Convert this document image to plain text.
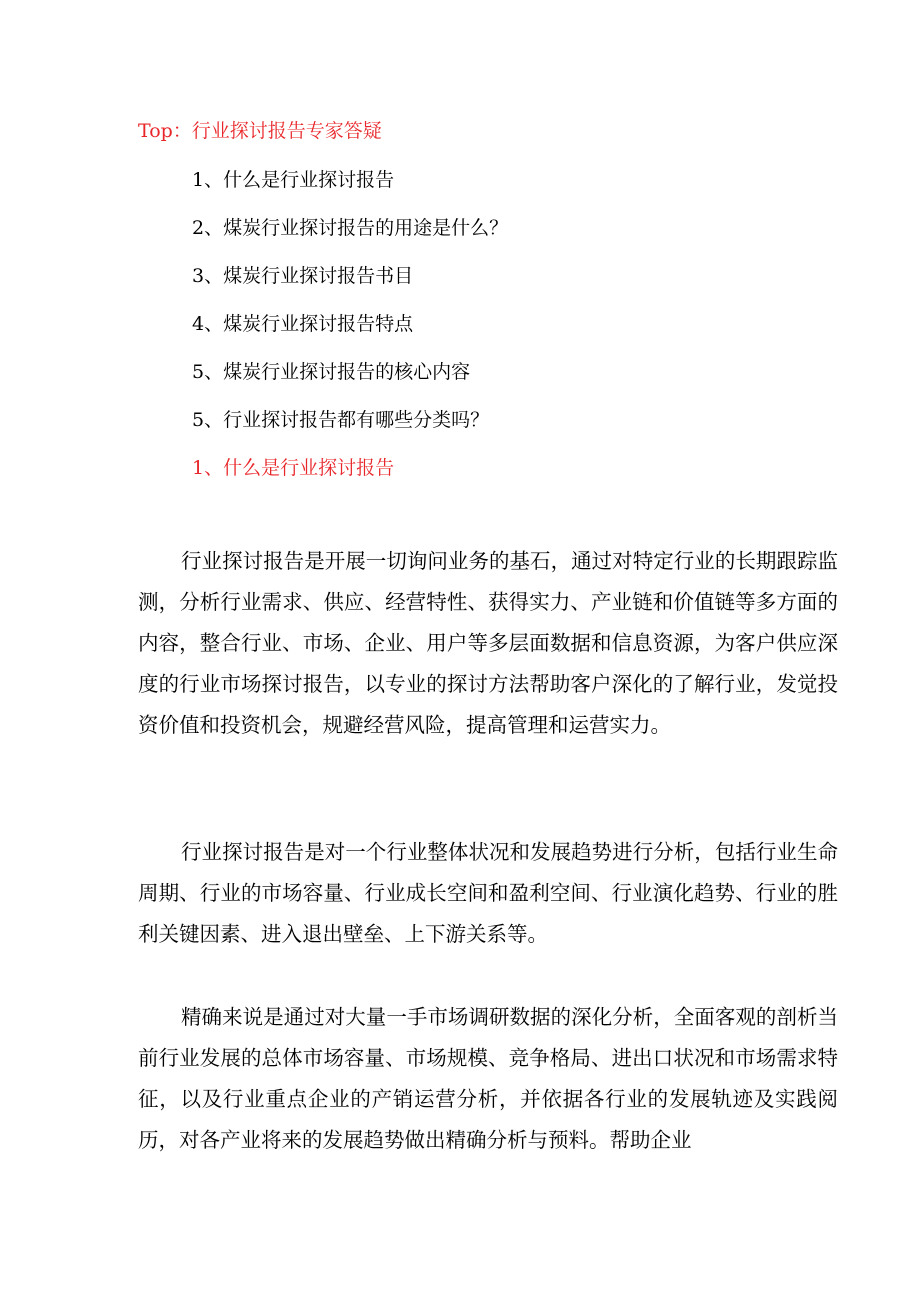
Top：行业探讨报告专家答疑
1、什么是行业探讨报告
2、煤炭行业探讨报告的用途是什么？
3、煤炭行业探讨报告书目
4、煤炭行业探讨报告特点
5、煤炭行业探讨报告的核心内容
5、行业探讨报告都有哪些分类吗？
1、什么是行业探讨报告

行业探讨报告是开展一切询问业务的基石，通过对特定行业的长期跟踪监测，分析行业需求、供应、经营特性、获得实力、产业链和价值链等多方面的内容，整合行业、市场、企业、用户等多层面数据和信息资源，为客户供应深度的行业市场探讨报告，以专业的探讨方法帮助客户深化的了解行业，发觉投资价值和投资机会，规避经营风险，提高管理和运营实力。

行业探讨报告是对一个行业整体状况和发展趋势进行分析，包括行业生命周期、行业的市场容量、行业成长空间和盈利空间、行业演化趋势、行业的胜利关键因素、进入退出壁垒、上下游关系等。

精确来说是通过对大量一手市场调研数据的深化分析，全面客观的剖析当前行业发展的总体市场容量、市场规模、竞争格局、进出口状况和市场需求特征，以及行业重点企业的产销运营分析，并依据各行业的发展轨迹及实践阅历，对各产业将来的发展趋势做出精确分析与预料。帮助企业
